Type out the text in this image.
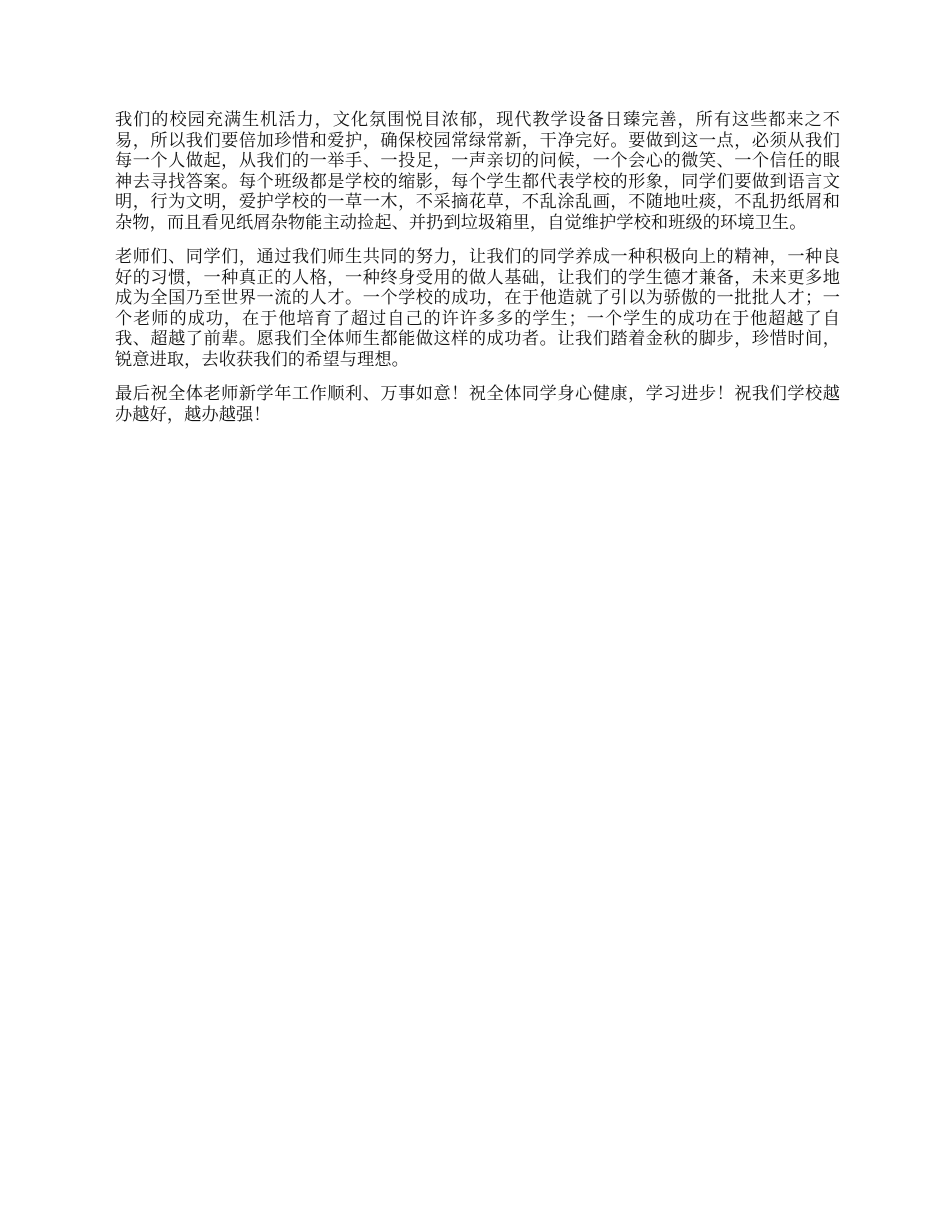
我们的校园充满生机活力，文化氛围悦目浓郁，现代教学设备日臻完善，所有这些都来之不易，所以我们要倍加珍惜和爱护，确保校园常绿常新，干净完好。要做到这一点，必须从我们每一个人做起，从我们的一举手、一投足，一声亲切的问候，一个会心的微笑、一个信任的眼神去寻找答案。每个班级都是学校的缩影，每个学生都代表学校的形象，同学们要做到语言文明，行为文明，爱护学校的一草一木，不采摘花草，不乱涂乱画，不随地吐痰，不乱扔纸屑和杂物，而且看见纸屑杂物能主动捡起、并扔到垃圾箱里，自觉维护学校和班级的环境卫生。

老师们、同学们，通过我们师生共同的努力，让我们的同学养成一种积极向上的精神，一种良好的习惯，一种真正的人格，一种终身受用的做人基础，让我们的学生德才兼备，未来更多地成为全国乃至世界一流的人才。一个学校的成功，在于他造就了引以为骄傲的一批批人才；一个老师的成功，在于他培育了超过自己的许许多多的学生；一个学生的成功在于他超越了自我、超越了前辈。愿我们全体师生都能做这样的成功者。让我们踏着金秋的脚步，珍惜时间，锐意进取，去收获我们的希望与理想。

最后祝全体老师新学年工作顺利、万事如意！祝全体同学身心健康，学习进步！祝我们学校越办越好，越办越强！
